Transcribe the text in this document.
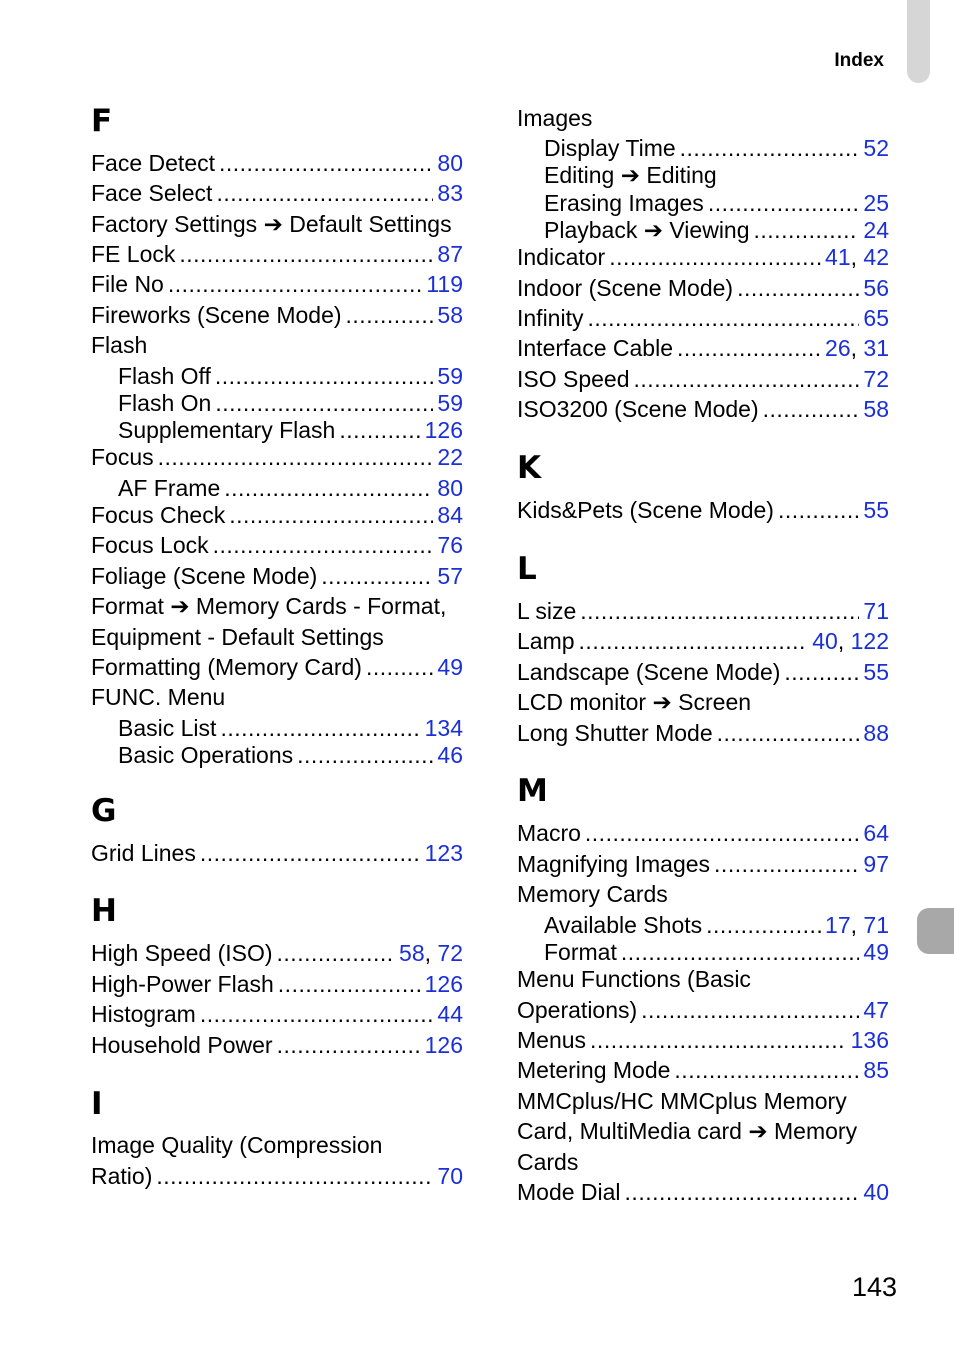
Index
F
Face Detect .....	80
Face Select .....	83
Factory Settings ➔ Default Settings
FE Lock .....	87
File No .....	119
Fireworks (Scene Mode) .....	58
Flash
Flash Off .....	59
Flash On .....	59
Supplementary Flash .....	126
Focus .....	22
AF Frame .....	80
Focus Check .....	84
Focus Lock .....	76
Foliage (Scene Mode) .....	57
Format ➔ Memory Cards - Format,
Equipment - Default Settings
Formatting (Memory Card) .....	49
FUNC. Menu
Basic List .....	134
Basic Operations .....	46
G
Grid Lines .....	123
H
High Speed (ISO) .....	58, 72
High-Power Flash .....	126
Histogram .....	44
Household Power .....	126
I
Image Quality (Compression
Ratio) .....	70
Images
Display Time .....	52
Editing ➔ Editing
Erasing Images .....	25
Playback ➔ Viewing .....	24
Indicator .....	41, 42
Indoor (Scene Mode) .....	56
Infinity .....	65
Interface Cable .....	26, 31
ISO Speed .....	72
ISO3200 (Scene Mode) .....	58
K
Kids&Pets (Scene Mode) .....	55
L
L size .....	71
Lamp .....	40, 122
Landscape (Scene Mode) .....	55
LCD monitor ➔ Screen
Long Shutter Mode .....	88
M
Macro .....	64
Magnifying Images .....	97
Memory Cards
Available Shots .....	17, 71
Format .....	49
Menu Functions (Basic
Operations) .....	47
Menus .....	136
Metering Mode .....	85
MMCplus/HC MMCplus Memory
Card, MultiMedia card ➔ Memory
Cards
Mode Dial .....	40
143
